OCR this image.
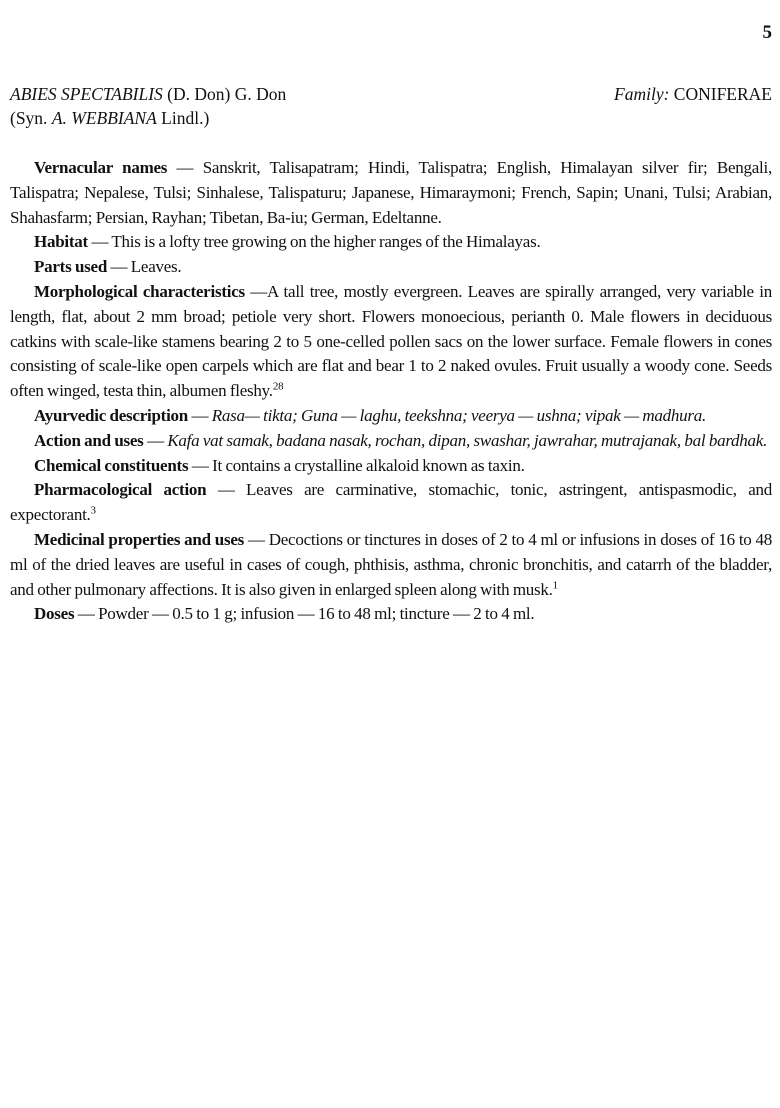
5
ABIES SPECTABILIS (D. Don) G. Don	Family: CONIFERAE
(Syn. A. WEBBIANA Lindl.)

Vernacular names — Sanskrit, Talisapatram; Hindi, Talispatra; English, Himalayan silver fir; Bengali, Talispatra; Nepalese, Tulsi; Sinhalese, Talispaturu; Japanese, Himaraymoni; French, Sapin; Unani, Tulsi; Arabian, Shahasfarm; Persian, Rayhan; Tibetan, Ba-iu; German, Edeltanne.

Habitat — This is a lofty tree growing on the higher ranges of the Himalayas.

Parts used — Leaves.

Morphological characteristics —A tall tree, mostly evergreen. Leaves are spirally arranged, very variable in length, flat, about 2 mm broad; petiole very short. Flowers monoecious, perianth 0. Male flowers in deciduous catkins with scale-like stamens bearing 2 to 5 one-celled pollen sacs on the lower surface. Female flowers in cones consisting of scale-like open carpels which are flat and bear 1 to 2 naked ovules. Fruit usually a woody cone. Seeds often winged, testa thin, albumen fleshy.$^{28}$

Ayurvedic description — Rasa— tikta; Guna — laghu, teekshna; veerya — ushna; vipak — madhura.

Action and uses — Kafa vat samak, badana nasak, rochan, dipan, swashar, jawrahar, mutrajanak, bal bardhak.

Chemical constituents — It contains a crystalline alkaloid known as taxin.

Pharmacological action — Leaves are carminative, stomachic, tonic, astringent, antispasmodic, and expectorant.$^3$

Medicinal properties and uses — Decoctions or tinctures in doses of 2 to 4 ml or infusions in doses of 16 to 48 ml of the dried leaves are useful in cases of cough, phthisis, asthma, chronic bronchitis, and catarrh of the bladder, and other pulmonary affections. It is also given in enlarged spleen along with musk.$^1$

Doses — Powder — 0.5 to 1 g; infusion — 16 to 48 ml; tincture — 2 to 4 ml.
